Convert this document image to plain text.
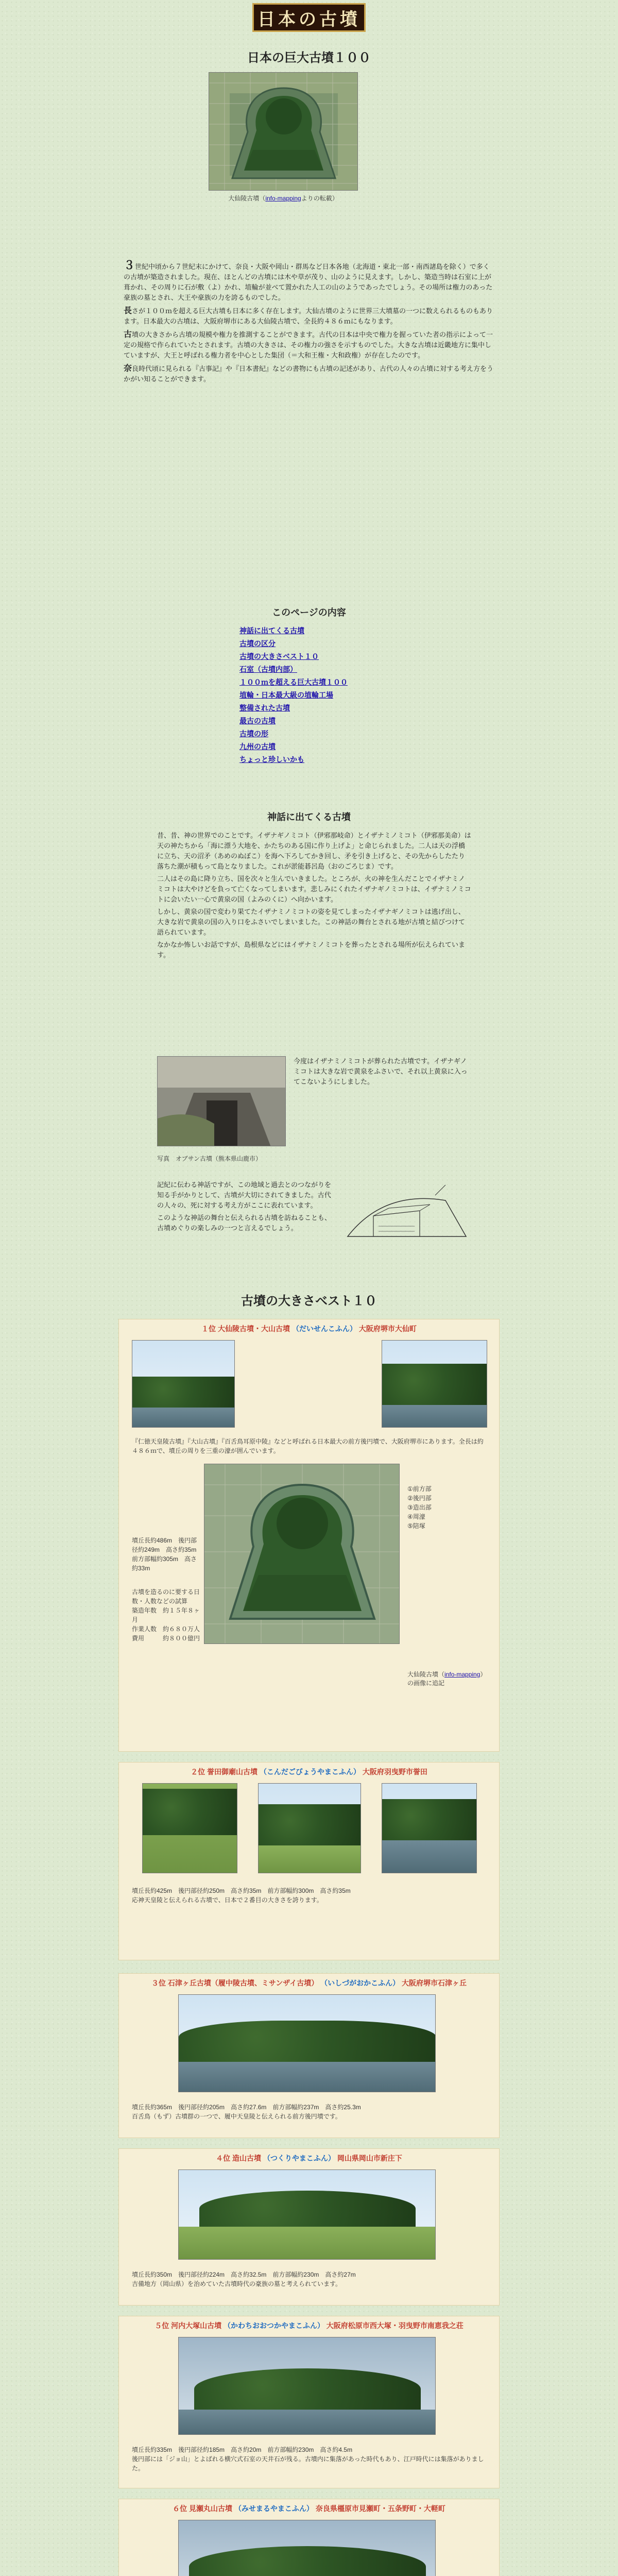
日本の古墳
日本の巨大古墳１００
大仙陵古墳（info-mappingよりの転載）

３世紀中頃から７世紀末にかけて、奈良・大阪や岡山・群馬など日本各地（北海道・東北一部・南西諸島を除く）で多くの古墳が築造されました。現在、ほとんどの古墳には木や草が茂り、山のように見えます。しかし、築造当時は石室に上が葺かれ、その周りに石が敷（よ）かれ、埴輪が並べて置かれた人工の山のようであったでしょう。その場所は権力のあった豪族の墓とされ、大王や豪族の力を誇るものでした。

長さが１００ｍを超える巨大古墳も日本に多く存在します。大仙古墳のように世界三大墳墓の一つに数えられるものもあります。日本最大の古墳は、大阪府堺市にある大仙陵古墳で、全長約４８６ｍにもなります。

古墳の大きさから古墳の規模や権力を推測することができます。古代の日本は中央で権力を握っていた者の指示によって一定の規格で作られていたとされます。古墳の大きさは、その権力の強さを示すものでした。大きな古墳は近畿地方に集中していますが、大王と呼ばれる権力者を中心とした集団（＝大和王権・大和政権）が存在したのです。

奈良時代頃に見られる『古事記』や『日本書紀』などの書物にも古墳の記述があり、古代の人々の古墳に対する考え方をうかがい知ることができます。

このページの内容
神話に出てくる古墳
古墳の区分
古墳の大きさベスト１０
石室（古墳内部）
１００ｍを超える巨大古墳１００
埴輪・日本最大級の埴輪工場
整備された古墳
最古の古墳
古墳の形
九州の古墳
ちょっと珍しいかも
神話に出てくる古墳

昔、昔、神の世界でのことです。イザナギノミコト（伊邪那岐命）とイザナミノミコト（伊邪那美命）は天の神たちから「海に漂う大地を、かたちのある国に作り上げよ」と命じられました。二人は天の浮橋に立ち、天の沼矛（あめのぬぼこ）を海へ下ろしてかき回し、矛を引き上げると、その先からしたたり落ちた潮が積もって島となりました。これが淤能碁呂島（おのごろじま）です。

二人はその島に降り立ち、国を次々と生んでいきました。ところが、火の神を生んだことでイザナミノミコトは大やけどを負って亡くなってしまいます。悲しみにくれたイザナギノミコトは、イザナミノミコトに会いたい一心で黄泉の国（よみのくに）へ向かいます。

しかし、黄泉の国で変わり果てたイザナミノミコトの姿を見てしまったイザナギノミコトは逃げ出し、大きな岩で黄泉の国の入り口をふさいでしまいました。この神話の舞台とされる地が古墳と結びつけて語られています。

なかなか怖しいお話ですが、島根県などにはイザナミノミコトを葬ったとされる場所が伝えられています。

今度はイザナミノミコトが葬られた古墳です。イザナギノミコトは大きな岩で黄泉をふさいで、それ以上黄泉に入ってこないようにしました。

写真　オブサン古墳（熊本県山鹿市）

記紀に伝わる神話ですが、この地域と過去とのつながりを知る手がかりとして、古墳が大切にされてきました。古代の人々の、死に対する考え方がここに表れています。

このような神話の舞台と伝えられる古墳を訪ねることも、古墳めぐりの楽しみの一つと言えるでしょう。

古墳の大きさベスト１０
１位 大仙陵古墳・大山古墳 （だいせんこふん） 大阪府堺市大仙町
『仁徳天皇陵古墳』『大山古墳』『百舌鳥耳原中陵』などと呼ばれる日本最大の前方後円墳で、大阪府堺市にあります。全長は約４８６ｍで、墳丘の周りを三重の濠が囲んでいます。
墳丘長約486m　後円部径約249m　高さ約35m　前方部幅約305m　高さ約33m
古墳を造るのに要する日数・人数などの試算
築造年数　約１５年８ヶ月
作業人数　約６８０万人
費用　　　約８００億円
①前方部
②後円部
③造出部
④周濠
⑤陪塚
大仙陵古墳（info-mapping）の画像に追記
２位 誉田御廟山古墳 （こんだごびょうやまこふん） 大阪府羽曳野市誉田
墳丘長約425m　後円部径約250m　高さ約35m　前方部幅約300m　高さ約35m
応神天皇陵と伝えられる古墳で、日本で２番目の大きさを誇ります。
３位 石津ヶ丘古墳（履中陵古墳、ミサンザイ古墳） （いしづがおかこふん） 大阪府堺市石津ヶ丘
墳丘長約365m　後円部径約205m　高さ約27.6m　前方部幅約237m　高さ約25.3m
百舌鳥（もず）古墳群の一つで、履中天皇陵と伝えられる前方後円墳です。
４位 造山古墳 （つくりやまこふん） 岡山県岡山市新庄下
墳丘長約350m　後円部径約224m　高さ約32.5m　前方部幅約230m　高さ約27m
吉備地方（岡山県）を治めていた古墳時代の豪族の墓と考えられています。
５位 河内大塚山古墳 （かわちおおつかやまこふん） 大阪府松原市西大塚・羽曳野市南恵我之荘
墳丘長約335m　後円部径約185m　高さ約20m　前方部幅約230m　高さ約4.5m
後円部には「ジョ山」とよばれる横穴式石室の天井石が残る。古墳内に集落があった時代もあり、江戸時代には集落がありました。
６位 見瀬丸山古墳 （みせまるやまこふん） 奈良県橿原市見瀬町・五条野町・大軽町
